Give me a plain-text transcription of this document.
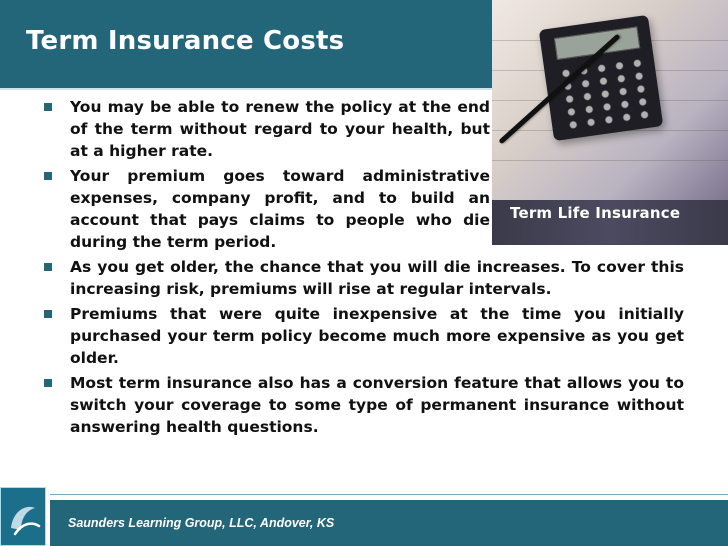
Term Insurance Costs
Term Life Insurance
You may be able to renew the policy at the end of the term without regard to your health, but at a higher rate.
Your premium goes toward administrative expenses, company profit, and to build an account that pays claims to people who die during the term period.
As you get older, the chance that you will die increases. To cover this increasing risk, premiums will rise at regular intervals.
Premiums that were quite inexpensive at the time you initially purchased your term policy become much more expensive as you get older.
Most term insurance also has a conversion feature that allows you to switch your coverage to some type of permanent insurance without answering health questions.
Saunders Learning Group, LLC, Andover, KS
